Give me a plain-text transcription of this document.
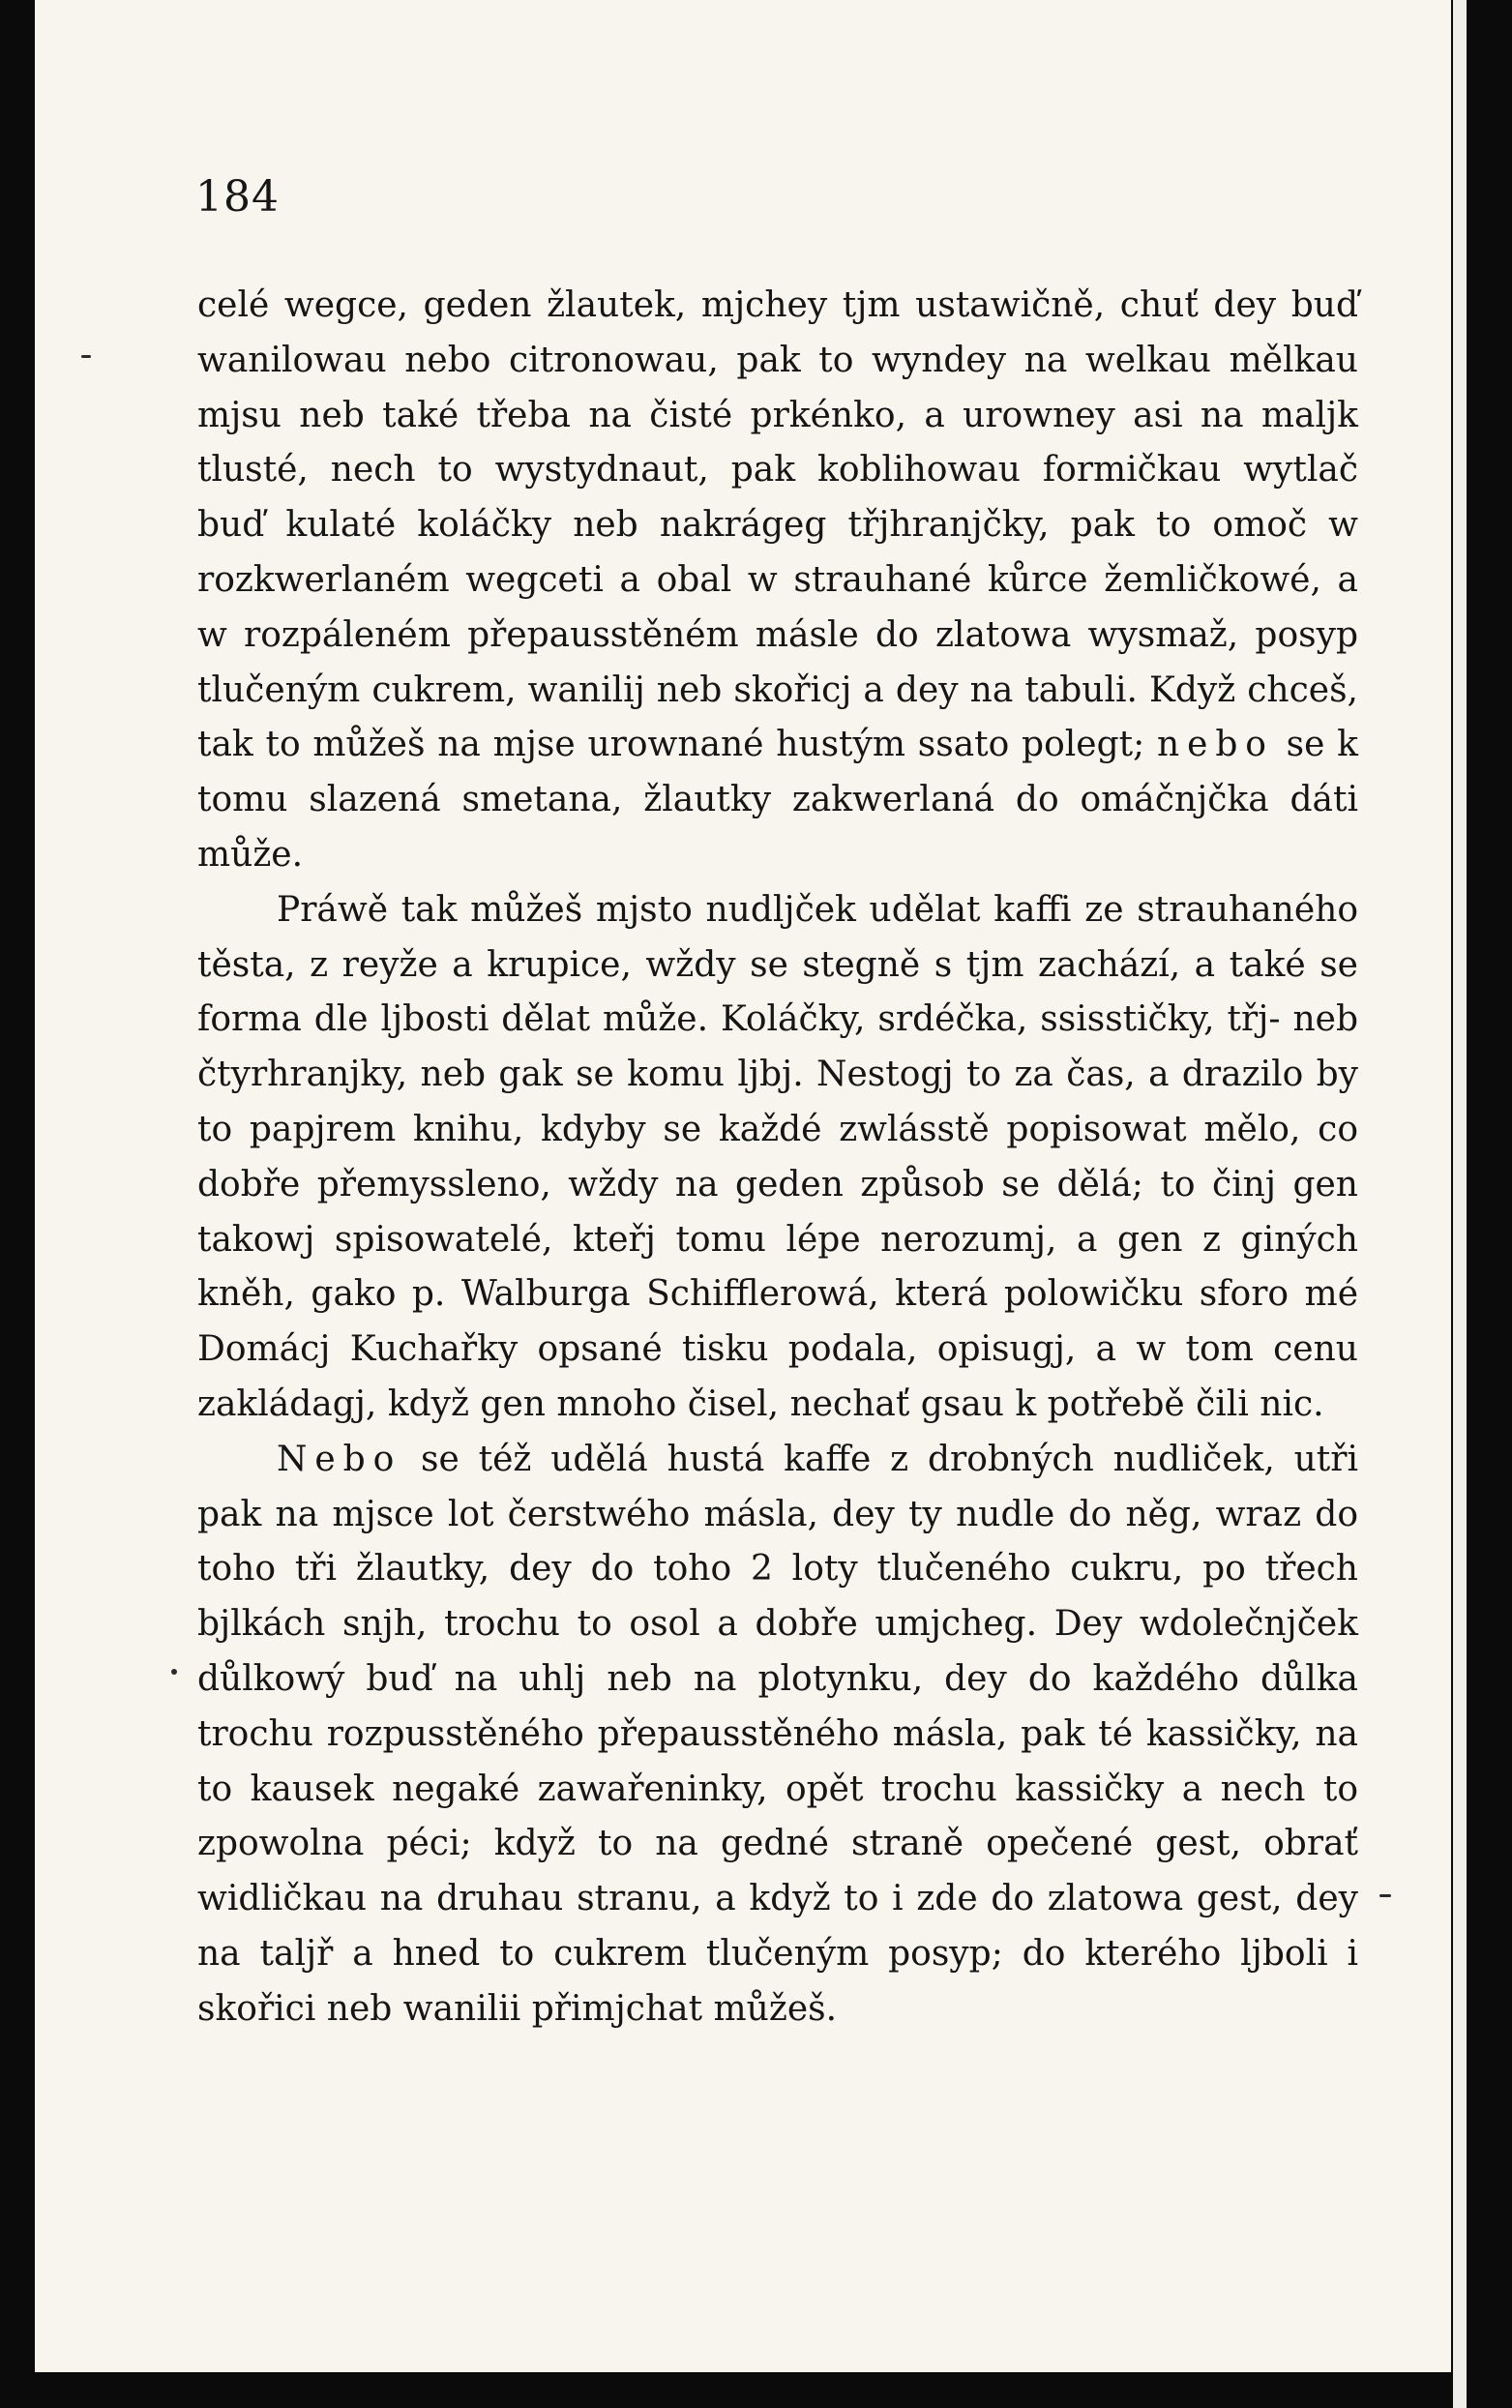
184

celé wegce, geden žlautek, mjchey tjm ustawičně, chuť dey buď wanilowau nebo citronowau, pak to wyndey na welkau mělkau mjsu neb také třeba na čisté prkénko, a urowney asi na maljk tlusté, nech to wystydnaut, pak koblihowau formičkau wytlač buď kulaté koláčky neb nakrágeg třjhranjčky, pak to omoč w rozkwerlaném wegceti a obal w strauhané kůrce žemličkowé, a w rozpáleném přepausstěném másle do zlatowa wysmaž, posyp tlučeným cukrem, wanilij neb skořicj a dey na tabuli. Když chceš, tak to můžeš na mjse urownané hustým ssato polegt; nebo se k tomu slazená smetana, žlautky zakwerlaná do omáčnjčka dáti může.

Práwě tak můžeš mjsto nudljček udělat kaffi ze strauhaného těsta, z reyže a krupice, wždy se stegně s tjm zachází, a také se forma dle ljbosti dělat může. Koláčky, srdéčka, ssisstičky, třj- neb čtyrhranjky, neb gak se komu ljbj. Nestogj to za čas, a drazilo by to papjrem knihu, kdyby se každé zwlásstě popisowat mělo, co dobře přemyssleno, wždy na geden způsob se dělá; to činj gen takowj spisowatelé, kteřj tomu lépe nerozumj, a gen z giných kněh, gako p. Walburga Schifflerowá, která polowičku sforo mé Domácj Kuchařky opsané tisku podala, opisugj, a w tom cenu zakládagj, když gen mnoho čisel, nechať gsau k potřebě čili nic.

Nebo se též udělá hustá kaffe z drobných nudliček, utři pak na mjsce lot čerstwého másla, dey ty nudle do něg, wraz do toho tři žlautky, dey do toho 2 loty tlučeného cukru, po třech bjlkách snjh, trochu to osol a dobře umjcheg. Dey wdolečnjček důlkowý buď na uhlj neb na plotynku, dey do každého důlka trochu rozpusstěného přepausstěného másla, pak té kassičky, na to kausek negaké zawařeninky, opět trochu kassičky a nech to zpowolna péci; když to na gedné straně opečené gest, obrať widličkau na druhau stranu, a když to i zde do zlatowa gest, dey na taljř a hned to cukrem tlučeným posyp; do kterého ljboli i skořici neb wanilii přimjchat můžeš.
